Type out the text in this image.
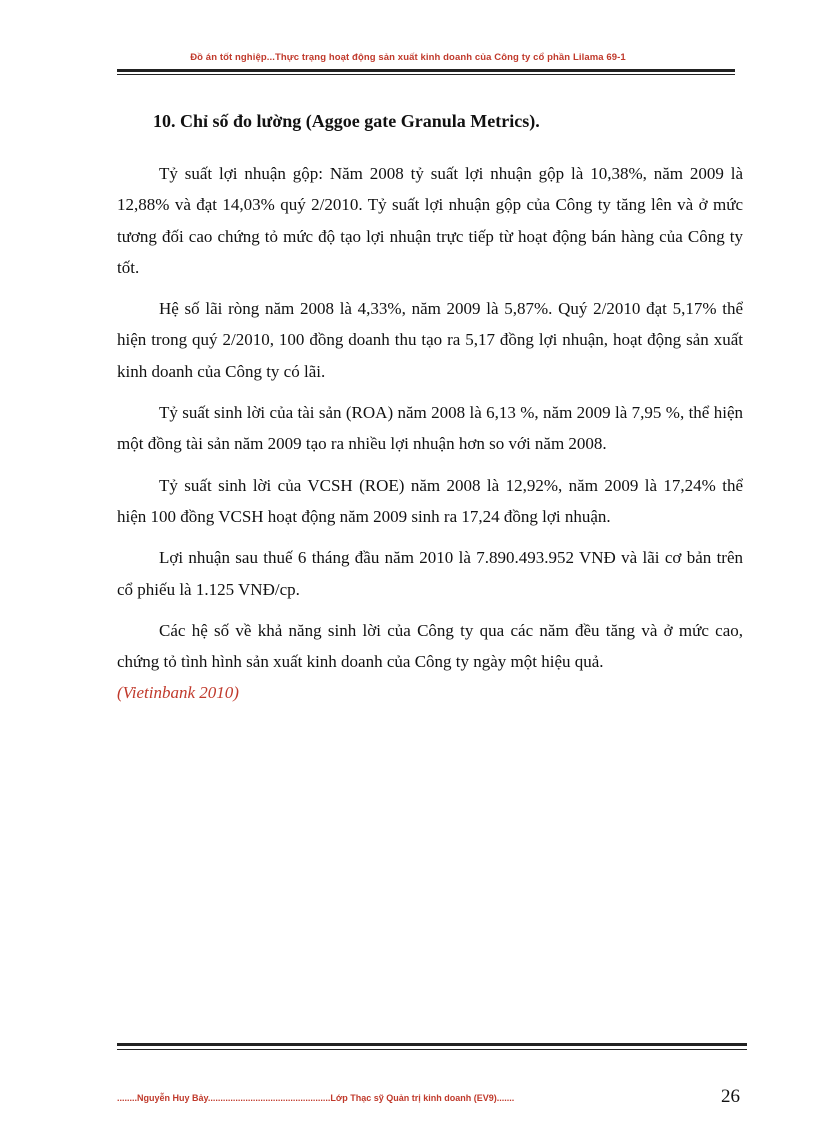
Đồ án tốt nghiệp...Thực trạng hoạt động sản xuất kinh doanh của Công ty cổ phần Lilama 69-1
10. Chỉ số đo lường (Aggoe gate Granula Metrics).

Tỷ suất lợi nhuận gộp: Năm 2008 tỷ suất lợi nhuận gộp là 10,38%, năm 2009 là 12,88% và đạt 14,03% quý 2/2010. Tỷ suất lợi nhuận gộp của Công ty tăng lên và ở mức tương đối cao chứng tỏ mức độ tạo lợi nhuận trực tiếp từ hoạt động bán hàng của Công ty tốt.

Hệ số lãi ròng năm 2008 là 4,33%, năm 2009 là 5,87%. Quý 2/2010 đạt 5,17% thể hiện trong quý 2/2010, 100 đồng doanh thu tạo ra 5,17 đồng lợi nhuận, hoạt động sản xuất kinh doanh của Công ty có lãi.

Tỷ suất sinh lời của tài sản (ROA) năm 2008 là 6,13 %, năm 2009 là 7,95 %, thể hiện một đồng tài sản năm 2009 tạo ra nhiều lợi nhuận hơn so với năm 2008.

Tỷ suất sinh lời của VCSH (ROE) năm 2008 là 12,92%, năm 2009 là 17,24% thể hiện 100 đồng VCSH hoạt động năm 2009 sinh ra 17,24 đồng lợi nhuận.

Lợi nhuận sau thuế 6 tháng đầu năm 2010 là 7.890.493.952 VNĐ và lãi cơ bản trên cổ phiếu là 1.125 VNĐ/cp.

Các hệ số về khả năng sinh lời của Công ty qua các năm đều tăng và ở mức cao, chứng tỏ tình hình sản xuất kinh doanh của Công ty ngày một hiệu quả.
(Vietinbank 2010)

........Nguyễn Huy Bảy.................................................Lớp Thạc sỹ Quản trị kinh doanh (EV9).......	26
